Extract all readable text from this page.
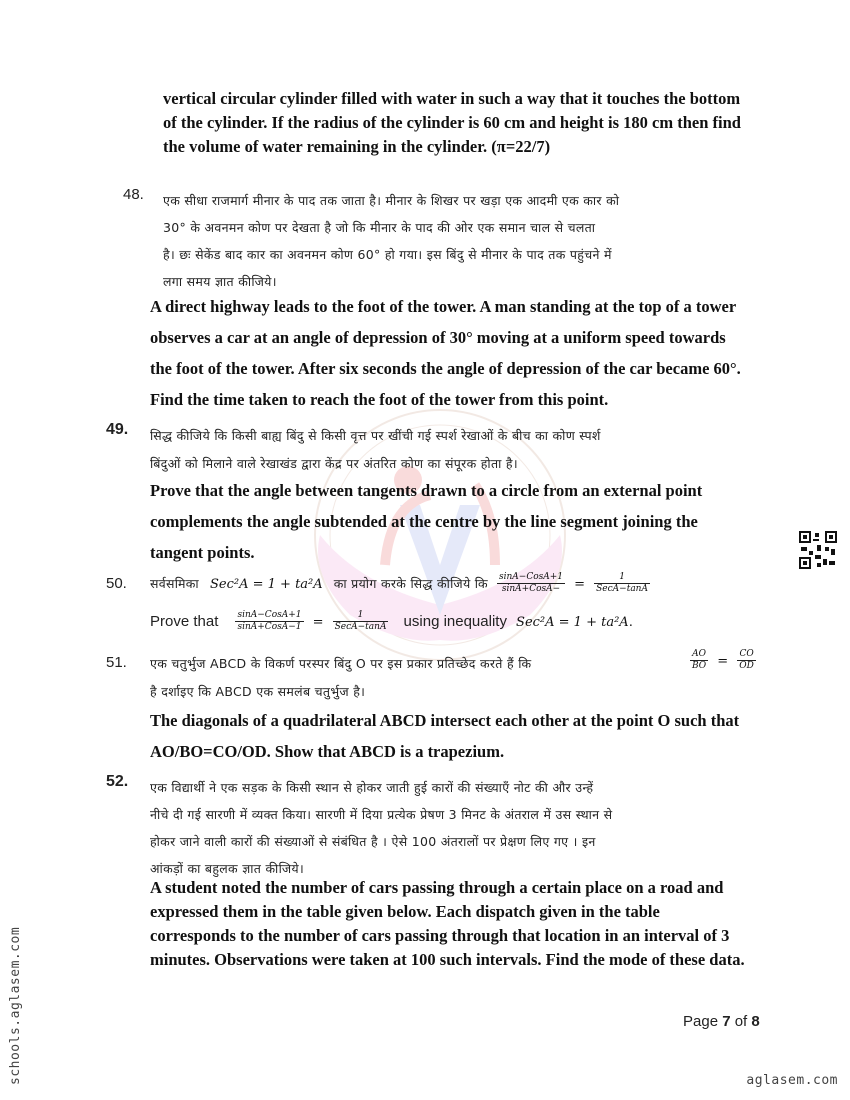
vertical circular cylinder filled with water in such a way that it touches the bottom
of the cylinder. If the radius of the cylinder is 60 cm and height is 180 cm then find
the volume of water remaining in the cylinder. (π=22/7)
48. एक सीधा राजमार्ग मीनार के पाद तक जाता है। मीनार के शिखर पर खड़ा एक आदमी एक कार को
30° के अवनमन कोण पर देखता है जो कि मीनार के पाद की ओर एक समान चाल से चलता
है। छः सेकेंड बाद कार का अवनमन कोण 60° हो गया। इस बिंदु से मीनार के पाद तक पहुंचने में
लगा समय ज्ञात कीजिये।
A direct highway leads to the foot of the tower. A man standing at the top of a tower
observes a car at an angle of depression of 30° moving at a uniform speed towards
the foot of the tower. After six seconds the angle of depression of the car became 60°.
Find the time taken to reach the foot of the tower from this point.
49. सिद्ध कीजिये कि किसी बाह्य बिंदु से किसी वृत्त पर खींची गई स्पर्श रेखाओं के बीच का कोण स्पर्श
बिंदुओं को मिलाने वाले रेखाखंड द्वारा केंद्र पर अंतरित कोण का संपूरक होता है।
Prove that the angle between tangents drawn to a circle from an external point
complements the angle subtended at the centre by the line segment joining the
tangent points.
50. सर्वसमिका Sec²A = 1 + ta²A का प्रयोग करके सिद्ध कीजिये कि $\frac{\text{sinA−CosA+1}}{\text{sinA+CosA−}} = \frac{1}{\text{SecA−tanA}}$
Prove that $\frac{\text{sinA−CosA+1}}{\text{sinA+CosA−1}} = \frac{1}{\text{SecA−tanA}}$ using inequality Sec²A = 1 + ta²A.
51. एक चतुर्भुज ABCD के विकर्ण परस्पर बिंदु O पर इस प्रकार प्रतिच्छेद करते हैं कि	$\frac{AO}{BO} = \frac{CO}{OD}$
है दर्शाइए कि ABCD एक समलंब चतुर्भुज है।
The diagonals of a quadrilateral ABCD intersect each other at the point O such that
AO/BO=CO/OD. Show that ABCD is a trapezium.
52. एक विद्यार्थी ने एक सड़क के किसी स्थान से होकर जाती हुई कारों की संख्याएँ नोट की और उन्हें
नीचे दी गई सारणी में व्यक्त किया। सारणी में दिया प्रत्येक प्रेषण 3 मिनट के अंतराल में उस स्थान से
होकर जाने वाली कारों की संख्याओं से संबंधित है । ऐसे 100 अंतरालों पर प्रेक्षण लिए गए । इन
आंकड़ों का बहुलक ज्ञात कीजिये।
A student noted the number of cars passing through a certain place on a road and
expressed them in the table given below. Each dispatch given in the table
corresponds to the number of cars passing through that location in an interval of 3
minutes. Observations were taken at 100 such intervals. Find the mode of these data.
Page 7 of 8
aglasem.com
schools.aglasem.com
